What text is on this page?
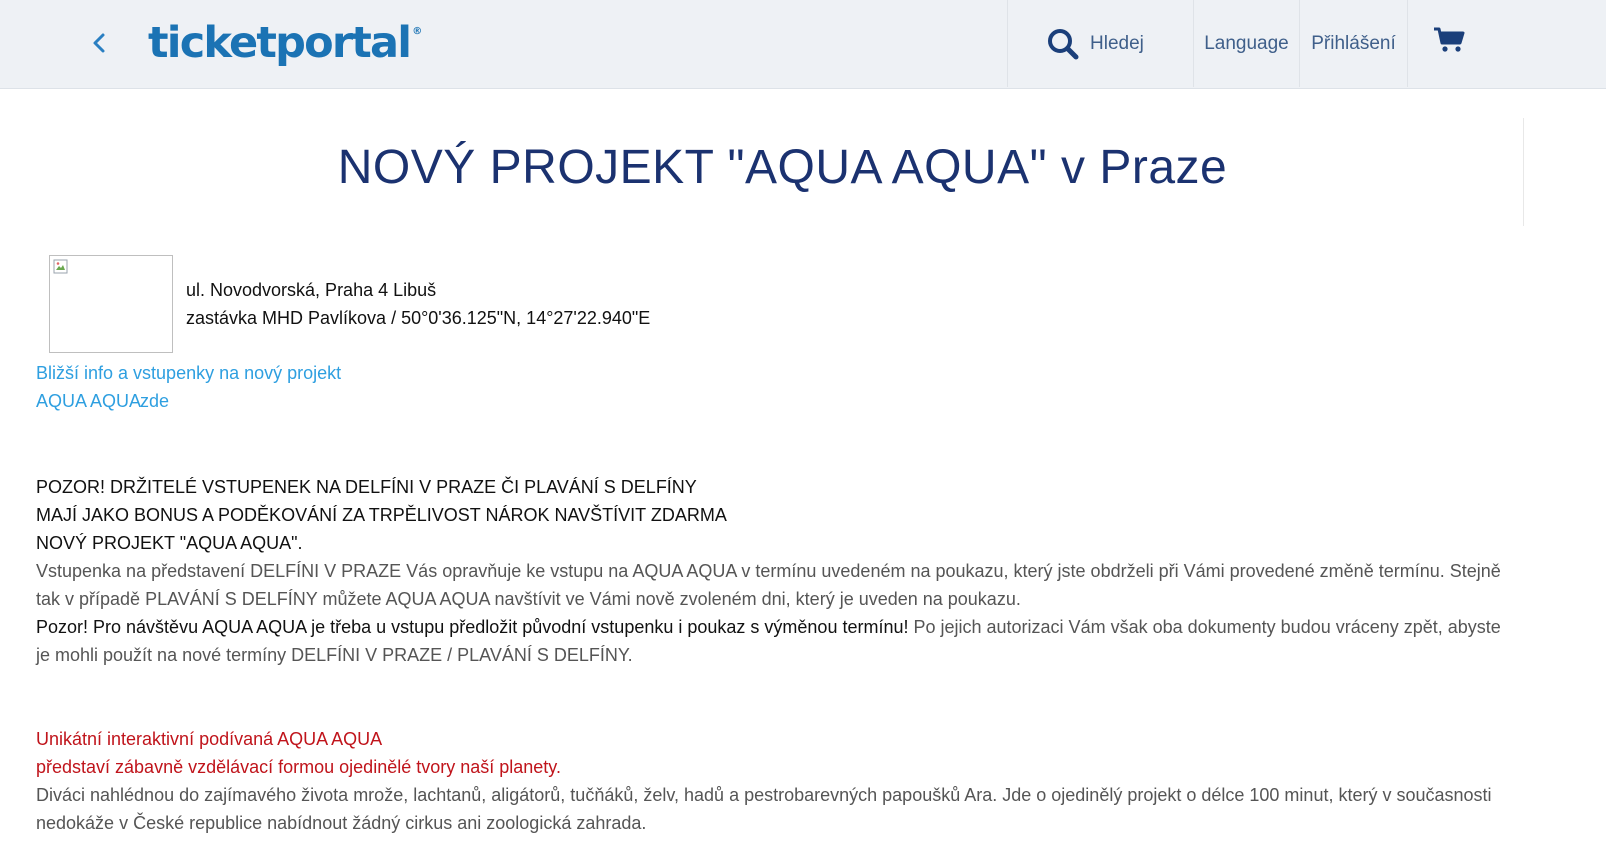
ticketportal®
Hledej	Language Přihlášení
NOVÝ PROJEKT "AQUA AQUA" v Praze
ul. Novodvorská, Praha 4 Libuš
zastávka MHD Pavlíkova / 50°0'36.125"N, 14°27'22.940"E
Bližší info a vstupenky na nový projekt
AQUA AQUA
zde

POZOR! DRŽITELÉ VSTUPENEK NA DELFÍNI V PRAZE ČI PLAVÁNÍ S DELFÍNY

MAJÍ JAKO BONUS A PODĚKOVÁNÍ ZA TRPĚLIVOST NÁROK NAVŠTÍVIT ZDARMA

NOVÝ PROJEKT "AQUA AQUA".

Vstupenka na představení DELFÍNI V PRAZE Vás opravňuje ke vstupu na AQUA AQUA v termínu uvedeném na poukazu, který jste obdrželi při Vámi provedené změně termínu. Stejně tak v případě PLAVÁNÍ S DELFÍNY můžete AQUA AQUA navštívit ve Vámi nově zvoleném dni, který je uveden na poukazu.

Pozor! Pro návštěvu AQUA AQUA je třeba u vstupu předložit původní vstupenku i poukaz s výměnou termínu! Po jejich autorizaci Vám však oba dokumenty budou vráceny zpět, abyste je mohli použít na nové termíny DELFÍNI V PRAZE / PLAVÁNÍ S DELFÍNY.

Unikátní interaktivní podívaná AQUA AQUA

představí zábavně vzdělávací formou ojedinělé tvory naší planety.

Diváci nahlédnou do zajímavého života mrože, lachtanů, aligátorů, tučňáků, želv, hadů a pestrobarevných papoušků Ara. Jde o ojedinělý projekt o délce 100 minut, který v současnosti nedokáže v České republice nabídnout žádný cirkus ani zoologická zahrada.
